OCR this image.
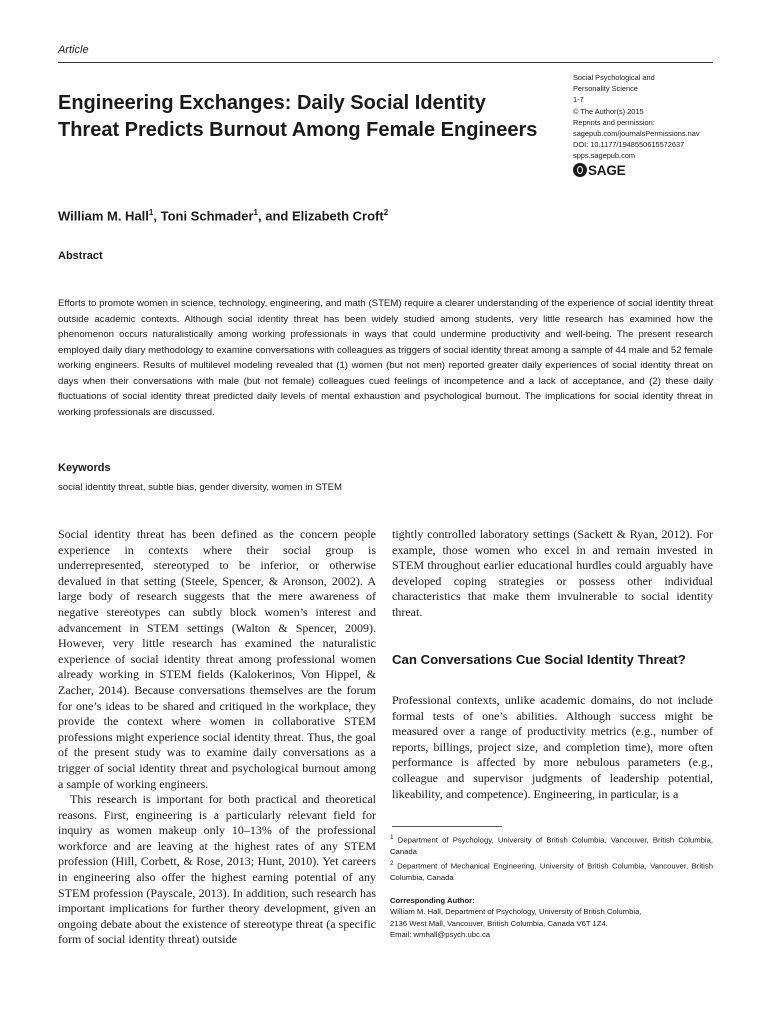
Article
Engineering Exchanges: Daily Social Identity Threat Predicts Burnout Among Female Engineers
Social Psychological and
Personality Science
1-7
© The Author(s) 2015
Reprints and permission:
sagepub.com/journalsPermissions.nav
DOI: 10.1177/1948550615572637
spps.sagepub.com
SAGE
William M. Hall$^1$, Toni Schmader$^1$, and Elizabeth Croft$^2$
Abstract
Efforts to promote women in science, technology, engineering, and math (STEM) require a clearer understanding of the experience of social identity threat outside academic contexts. Although social identity threat has been widely studied among students, very little research has examined how the phenomenon occurs naturalistically among working professionals in ways that could undermine productivity and well-being. The present research employed daily diary methodology to examine conversations with colleagues as triggers of social identity threat among a sample of 44 male and 52 female working engineers. Results of multilevel modeling revealed that (1) women (but not men) reported greater daily experiences of social identity threat on days when their conversations with male (but not female) colleagues cued feelings of incompetence and a lack of acceptance, and (2) these daily fluctuations of social identity threat predicted daily levels of mental exhaustion and psychological burnout. The implications for social identity threat in working professionals are discussed.
Keywords
social identity threat, subtle bias, gender diversity, women in STEM

Social identity threat has been defined as the concern people experience in contexts where their social group is underrepresented, stereotyped to be inferior, or otherwise devalued in that setting (Steele, Spencer, & Aronson, 2002). A large body of research suggests that the mere awareness of negative stereotypes can subtly block women’s interest and advancement in STEM settings (Walton & Spencer, 2009). However, very little research has examined the naturalistic experience of social identity threat among professional women already working in STEM fields (Kalokerinos, Von Hippel, & Zacher, 2014). Because conversations themselves are the forum for one’s ideas to be shared and critiqued in the workplace, they provide the context where women in collaborative STEM professions might experience social identity threat. Thus, the goal of the present study was to examine daily conversations as a trigger of social identity threat and psychological burnout among a sample of working engineers.

This research is important for both practical and theoretical reasons. First, engineering is a particularly relevant field for inquiry as women makeup only 10–13% of the professional workforce and are leaving at the highest rates of any STEM profession (Hill, Corbett, & Rose, 2013; Hunt, 2010). Yet careers in engineering also offer the highest earning potential of any STEM profession (Payscale, 2013). In addition, such research has important implications for further theory development, given an ongoing debate about the existence of stereotype threat (a specific form of social identity threat) outside

tightly controlled laboratory settings (Sackett & Ryan, 2012). For example, those women who excel in and remain invested in STEM throughout earlier educational hurdles could arguably have developed coping strategies or possess other individual characteristics that make them invulnerable to social identity threat.

Can Conversations Cue Social Identity Threat?

Professional contexts, unlike academic domains, do not include formal tests of one’s abilities. Although success might be measured over a range of productivity metrics (e.g., number of reports, billings, project size, and completion time), more often performance is affected by more nebulous parameters (e.g., colleague and supervisor judgments of leadership potential, likeability, and competence). Engineering, in particular, is a

$^1$ Department of Psychology, University of British Columbia, Vancouver, British Columbia, Canada

$^2$ Department of Mechanical Engineering, University of British Columbia, Vancouver, British Columbia, Canada

Corresponding Author:

William M. Hall, Department of Psychology, University of British Columbia,

2136 West Mall, Vancouver, British Columbia, Canada V6T 1Z4.

Email: wmhall@psych.ubc.ca
